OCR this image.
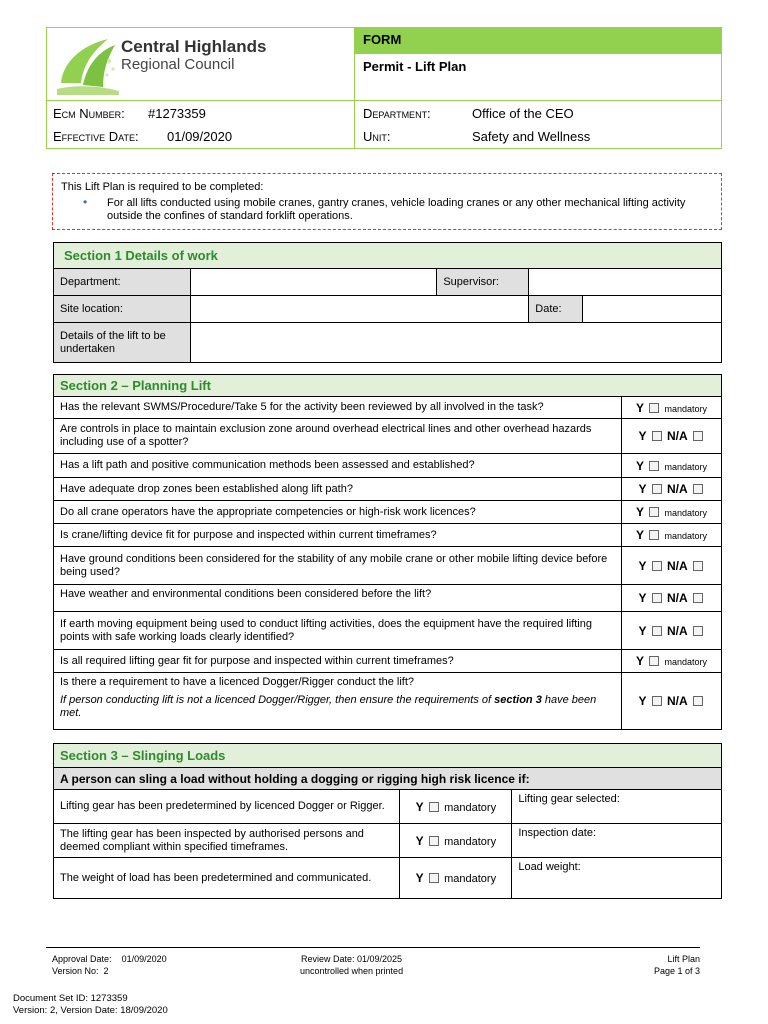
Central Highlands
Regional Council
FORM
Permit - Lift Plan
Ecm Number: #1273359
Effective Date: 01/09/2020
Department:	Office of the CEO
Unit:	Safety and Wellness
This Lift Plan is required to be completed:
• For all lifts conducted using mobile cranes, gantry cranes, vehicle loading cranes or any other mechanical lifting activity outside the confines of standard forklift operations.
Section 1 Details of work				
Department:		Supervisor:		
Site location:			Date:	
Details of the lift to be undertaken				
Section 2 – Planning Lift	
Has the relevant SWMS/Procedure/Take 5 for the activity been reviewed by all involved in the task?	Y mandatory
Are controls in place to maintain exclusion zone around overhead electrical lines and other overhead hazards including use of a spotter?	Y N/A
Has a lift path and positive communication methods been assessed and established?	Y mandatory
Have adequate drop zones been established along lift path?	Y N/A
Do all crane operators have the appropriate competencies or high-risk work licences?	Y mandatory
Is crane/lifting device fit for purpose and inspected within current timeframes?	Y mandatory
Have ground conditions been considered for the stability of any mobile crane or other mobile lifting device before being used?	Y N/A
Have weather and environmental conditions been considered before the lift?	Y N/A
If earth moving equipment being used to conduct lifting activities, does the equipment have the required lifting points with safe working loads clearly identified?	Y N/A
Is all required lifting gear fit for purpose and inspected within current timeframes?	Y mandatory

Is there a requirement to have a licenced Dogger/Rigger conduct the lift?
If person conducting lift is not a licenced Dogger/Rigger, then ensure the requirements of section 3 have been met.	Y N/A
Section 3 – Slinging Loads		
A person can sling a load without holding a dogging or rigging high risk licence if:		
Lifting gear has been predetermined by licenced Dogger or Rigger.	Y mandatory	Lifting gear selected:
The lifting gear has been inspected by authorised persons and deemed compliant within specified timeframes.	Y mandatory	Inspection date:
The weight of load has been predetermined and communicated.	Y mandatory	Load weight:
Approval Date: 01/09/2020
Version No: 2
Review Date: 01/09/2025
uncontrolled when printed
Lift Plan
Page 1 of 3
Document Set ID: 1273359
Version: 2, Version Date: 18/09/2020
